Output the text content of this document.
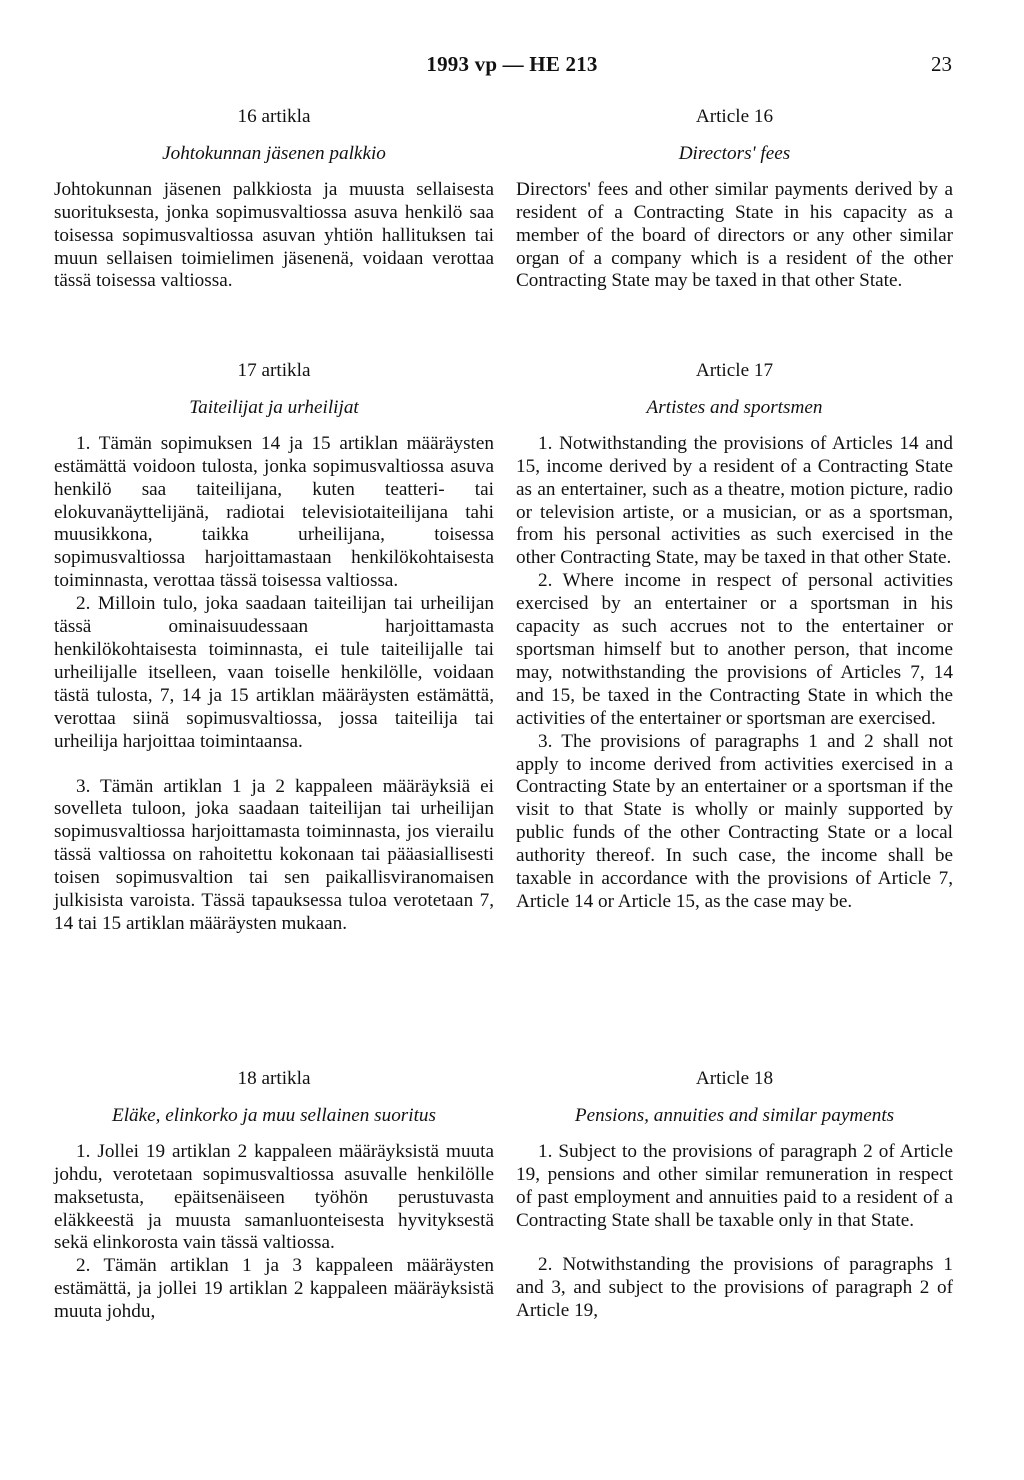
1993 vp — HE 213	23

16 artikla

Johtokunnan jäsenen palkkio

Johtokunnan jäsenen palkkiosta ja muusta sellaisesta suorituksesta, jonka sopimusvaltiossa asuva henkilö saa toisessa sopimusvaltiossa asuvan yhtiön hallituksen tai muun sellaisen toimielimen jäsenenä, voidaan verottaa tässä toisessa valtiossa.

17 artikla

Taiteilijat ja urheilijat

1. Tämän sopimuksen 14 ja 15 artiklan määräysten estämättä voidoon tulosta, jonka sopimusvaltiossa asuva henkilö saa taiteilijana, kuten teatteri- tai elokuvanäyttelijänä, radiotai televisiotaiteilijana tahi muusikkona, taikka urheilijana, toisessa sopimusvaltiossa harjoittamastaan henkilökohtaisesta toiminnasta, verottaa tässä toisessa valtiossa.

2. Milloin tulo, joka saadaan taiteilijan tai urheilijan tässä ominaisuudessaan harjoittamasta henkilökohtaisesta toiminnasta, ei tule taiteilijalle tai urheilijalle itselleen, vaan toiselle henkilölle, voidaan tästä tulosta, 7, 14 ja 15 artiklan määräysten estämättä, verottaa siinä sopimusvaltiossa, jossa taiteilija tai urheilija harjoittaa toimintaansa.

3. Tämän artiklan 1 ja 2 kappaleen määräyksiä ei sovelleta tuloon, joka saadaan taiteilijan tai urheilijan sopimusvaltiossa harjoittamasta toiminnasta, jos vierailu tässä valtiossa on rahoitettu kokonaan tai pääasiallisesti toisen sopimusvaltion tai sen paikallisviranomaisen julkisista varoista. Tässä tapauksessa tuloa verotetaan 7, 14 tai 15 artiklan määräysten mukaan.

18 artikla

Eläke, elinkorko ja muu sellainen suoritus

1. Jollei 19 artiklan 2 kappaleen määräyksistä muuta johdu, verotetaan sopimusvaltiossa asuvalle henkilölle maksetusta, epäitsenäiseen työhön perustuvasta eläkkeestä ja muusta samanluonteisesta hyvityksestä sekä elinkorosta vain tässä valtiossa.

2. Tämän artiklan 1 ja 3 kappaleen määräysten estämättä, ja jollei 19 artiklan 2 kappaleen määräyksistä muuta johdu,

Article 16

Directors' fees

Directors' fees and other similar payments derived by a resident of a Contracting State in his capacity as a member of the board of directors or any other similar organ of a company which is a resident of the other Contracting State may be taxed in that other State.

Article 17

Artistes and sportsmen

1. Notwithstanding the provisions of Articles 14 and 15, income derived by a resident of a Contracting State as an entertainer, such as a theatre, motion picture, radio or television artiste, or a musician, or as a sportsman, from his personal activities as such exercised in the other Contracting State, may be taxed in that other State.

2. Where income in respect of personal activities exercised by an entertainer or a sportsman in his capacity as such accrues not to the entertainer or sportsman himself but to another person, that income may, notwithstanding the provisions of Articles 7, 14 and 15, be taxed in the Contracting State in which the activities of the entertainer or sportsman are exercised.

3. The provisions of paragraphs 1 and 2 shall not apply to income derived from activities exercised in a Contracting State by an entertainer or a sportsman if the visit to that State is wholly or mainly supported by public funds of the other Contracting State or a local authority thereof. In such case, the income shall be taxable in accordance with the provisions of Article 7, Article 14 or Article 15, as the case may be.

Article 18

Pensions, annuities and similar payments

1. Subject to the provisions of paragraph 2 of Article 19, pensions and other similar remuneration in respect of past employment and annuities paid to a resident of a Contracting State shall be taxable only in that State.

2. Notwithstanding the provisions of paragraphs 1 and 3, and subject to the provisions of paragraph 2 of Article 19,
